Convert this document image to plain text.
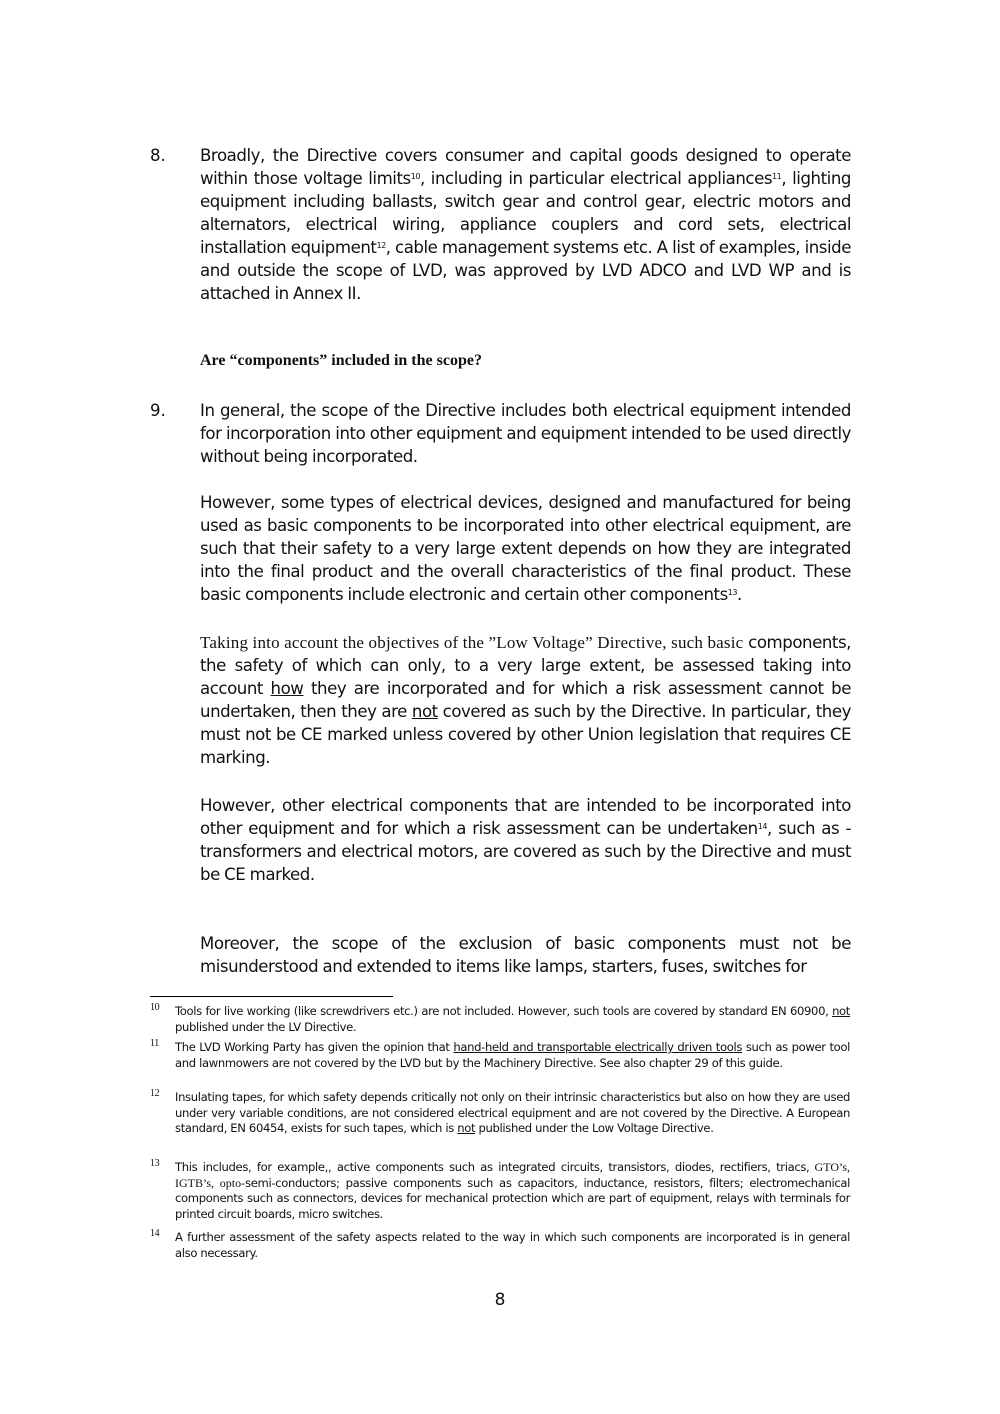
8. Broadly, the Directive covers consumer and capital goods designed to operate within those voltage limits$^{10}$, including in particular electrical appliances$^{11}$, lighting equipment including ballasts, switch gear and control gear, electric motors and alternators, electrical wiring, appliance couplers and cord sets, electrical installation equipment$^{12}$, cable management systems etc. A list of examples, inside and outside the scope of LVD, was approved by LVD ADCO and LVD WP and is attached in Annex II.

Are “components” included in the scope?

9. In general, the scope of the Directive includes both electrical equipment intended for incorporation into other equipment and equipment intended to be used directly without being incorporated.

However, some types of electrical devices, designed and manufactured for being used as basic components to be incorporated into other electrical equipment, are such that their safety to a very large extent depends on how they are integrated into the final product and the overall characteristics of the final product. These basic components include electronic and certain other components$^{13}$.

Taking into account the objectives of the ”Low Voltage” Directive, such basic components, the safety of which can only, to a very large extent, be assessed taking into account how they are incorporated and for which a risk assessment cannot be undertaken, then they are not covered as such by the Directive. In particular, they must not be CE marked unless covered by other Union legislation that requires CE marking.

However, other electrical components that are intended to be incorporated into other equipment and for which a risk assessment can be undertaken$^{14}$, such as - transformers and electrical motors, are covered as such by the Directive and must be CE marked.

Moreover, the scope of the exclusion of basic components must not be misunderstood and extended to items like lamps, starters, fuses, switches for

10 Tools for live working (like screwdrivers etc.) are not included. However, such tools are covered by standard EN 60900, not published under the LV Directive.
11 The LVD Working Party has given the opinion that hand-held and transportable electrically driven tools such as power tool and lawnmowers are not covered by the LVD but by the Machinery Directive. See also chapter 29 of this guide.
12 Insulating tapes, for which safety depends critically not only on their intrinsic characteristics but also on how they are used under very variable conditions, are not considered electrical equipment and are not covered by the Directive. A European standard, EN 60454, exists for such tapes, which is not published under the Low Voltage Directive.
13 This includes, for example,, active components such as integrated circuits, transistors, diodes, rectifiers, triacs, GTO’s, IGTB’s, opto-semi-conductors; passive components such as capacitors, inductance, resistors, filters; electromechanical components such as connectors, devices for mechanical protection which are part of equipment, relays with terminals for printed circuit boards, micro switches.
14 A further assessment of the safety aspects related to the way in which such components are incorporated is in general also necessary.
8
